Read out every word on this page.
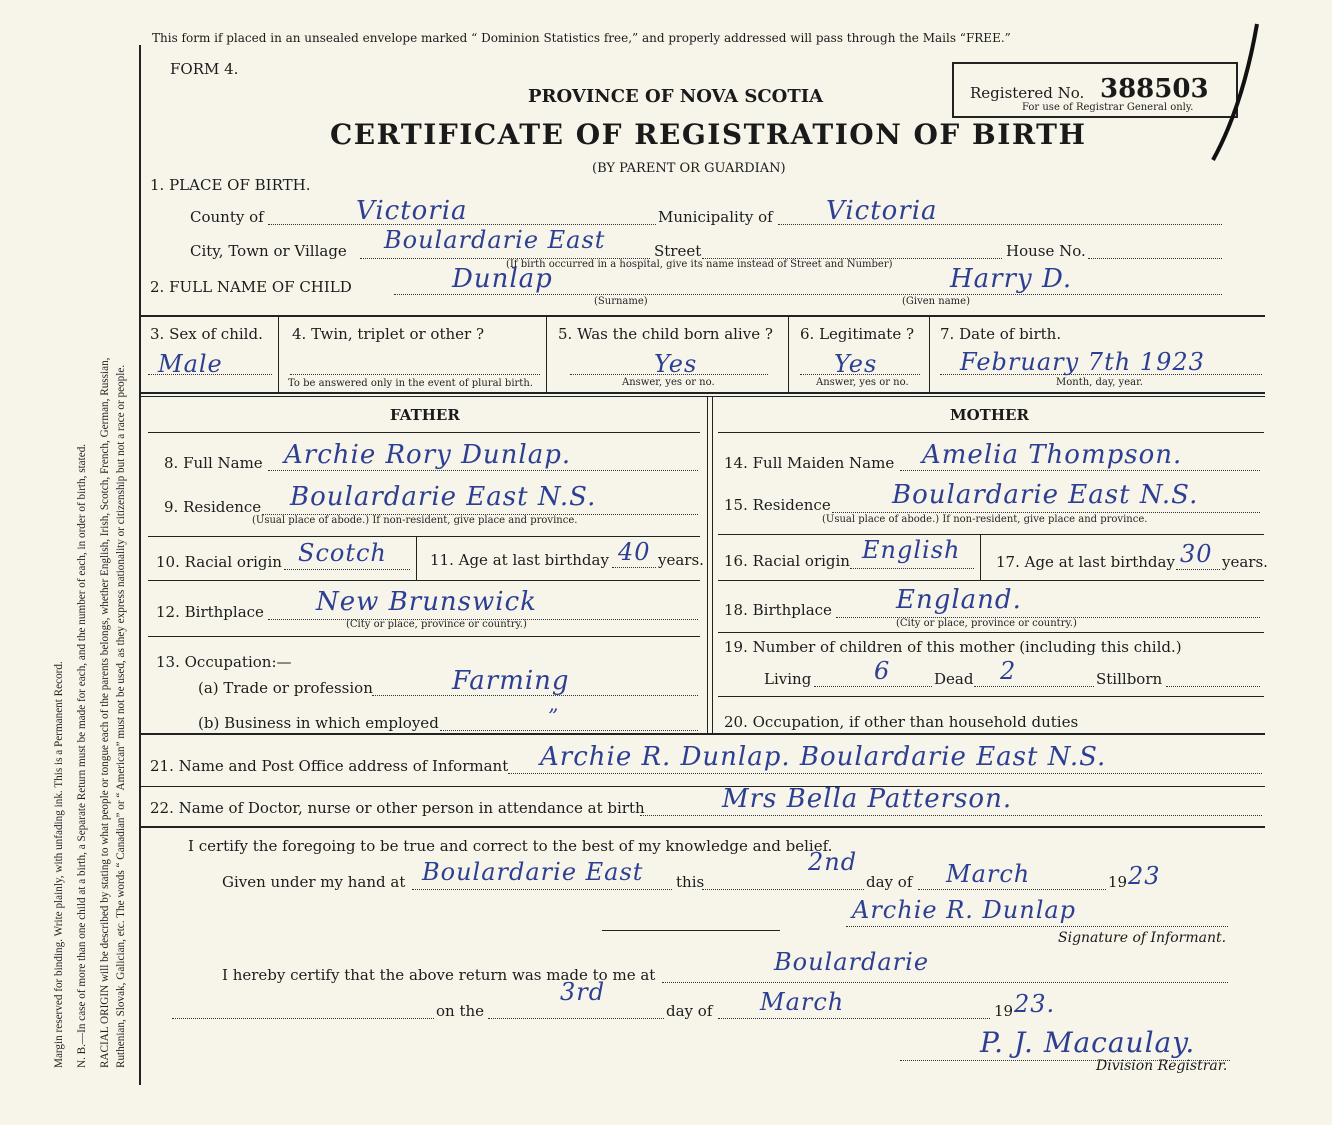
Margin reserved for binding. Write plainly, with unfading ink. This is a Permanent Record. N. B.—In case of more than one child at a birth, a Separate Return must be made for each, and the number of each, in order of birth, stated. RACIAL ORIGIN will be described by stating to what people or tongue each of the parents belongs, whether English, Irish, Scotch, French, German, Russian, Ruthenian, Slovak, Galician, etc. The words “ Canadian” or “ American” must not be used, as they express nationality or citizenship but not a race or people.
This form if placed in an unsealed envelope marked “ Dominion Statistics free,” and properly addressed will pass through the Mails “FREE.”
FORM 4.
PROVINCE OF NOVA SCOTIA
CERTIFICATE OF REGISTRATION OF BIRTH
(BY PARENT OR GUARDIAN)
Registered No. 388503
For use of Registrar General only.
1. PLACE OF BIRTH.
County of	Victoria	Municipality of Victoria
City, Town or Village Boulardarie East	Street	House No.
(If birth occurred in a hospital, give its name instead of Street and Number)
2. FULL NAME OF CHILD	Dunlap
(Surname)
Harry D.
(Given name)
3. Sex of child.
Male
4. Twin, triplet or other ?
To be answered only in the event of plural birth.
5. Was the child born alive ?
Yes
Answer, yes or no.
6. Legitimate ?
Yes
Answer, yes or no.
7. Date of birth.
February 7th 1923
Month, day, year.
FATHER
8. Full Name Archie Rory Dunlap.
9. Residence Boulardarie East N.S.
(Usual place of abode.) If non-resident, give place and province.
10. Racial origin Scotch	11. Age at last birthday 40 years.
12. Birthplace New Brunswick
(City or place, province or country.)
13. Occupation:—
(a) Trade or profession	Farming
(b) Business in which employed	”
MOTHER
14. Full Maiden Name Amelia Thompson.
15. Residence Boulardarie East N.S.
(Usual place of abode.) If non-resident, give place and province.
16. Racial origin English 17. Age at last birthday 30 years.
18. Birthplace England.
(City or place, province or country.)
19. Number of children of this mother (including this child.)
Living	6	Dead 2	Stillborn
20. Occupation, if other than household duties
21. Name and Post Office address of Informant Archie R. Dunlap. Boulardarie East N.S.
22. Name of Doctor, nurse or other person in attendance at birth	Mrs Bella Patterson.
I certify the foregoing to be true and correct to the best of my knowledge and belief.
Given under my hand at Boulardarie East this
2nd
day of March	19 23
Archie R. Dunlap
Signature of Informant.
I hereby certify that the above return was made to me at	Boulardarie
on the
3rd
day of March	19 23.
P. J. Macaulay.
Division Registrar.
